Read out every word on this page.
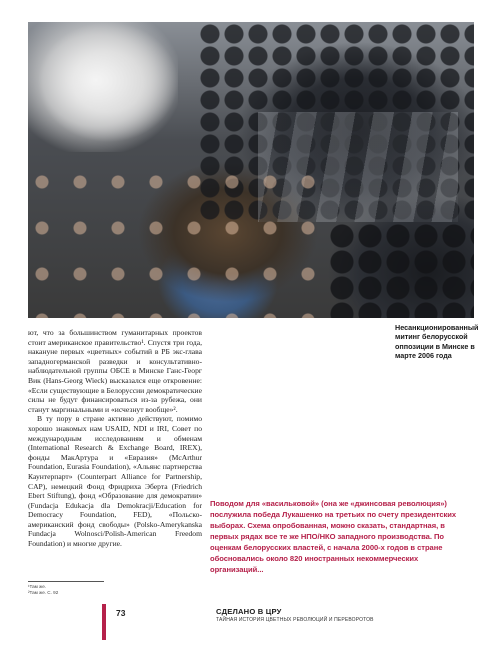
Несанкционированный митинг белорусской оппозиции в Минске в марте 2006 года

ют, что за большинством гуманитарных проектов стоит американское правительство¹. Спустя три года, накануне первых «цветных» событий в РБ экс-глава западногерманской разведки и консультативно-наблюдательной группы ОБСЕ в Минске Ганс-Георг Вик (Hans-Georg Wieck) высказался еще откровенне: «Если существующие в Белоруссии демократические силы не будут финансироваться из-за рубежа, они станут маргинальными и «исчезнут вообще»².

В ту пору в стране активно действуют, помимо хорошо знакомых нам USAID, NDI и IRI, Совет по международным исследованиям и обменам (International Research & Exchange Board, IREX), фонды МакАртура и «Евразия» (McArthur Foundation, Eurasia Foundation), «Альянс партнерства Каунтерпарт» (Counterpart Alliance for Partnership, CAP), немецкий Фонд Фридриха Эберта (Friedrich Ebert Stiftung), фонд «Образование для демократии» (Fundacja Edukacja dla Demokracji/Education for Democracy Foundation, FED), «Польско-американский фонд свободы» (Polsko-Amerykanska Fundacja Wolnosci/Polish-American Freedom Foundation) и многие другие.

Поводом для «васильковой» (она же «джинсовая революция») послужила победа Лукашенко на третьих по счету президентских выборах. Схема опробованная, можно сказать, стандартная, в первых рядах все те же НПО/НКО западного производства. По оценкам белорусских властей, с начала 2000-х годов в стране обосновались около 820 иностранных некоммерческих организаций...
¹Там же.
²Там же. С. 92
73	СДЕЛАНО В ЦРУ
ТАЙНАЯ ИСТОРИЯ ЦВЕТНЫХ РЕВОЛЮЦИЙ И ПЕРЕВОРОТОВ
